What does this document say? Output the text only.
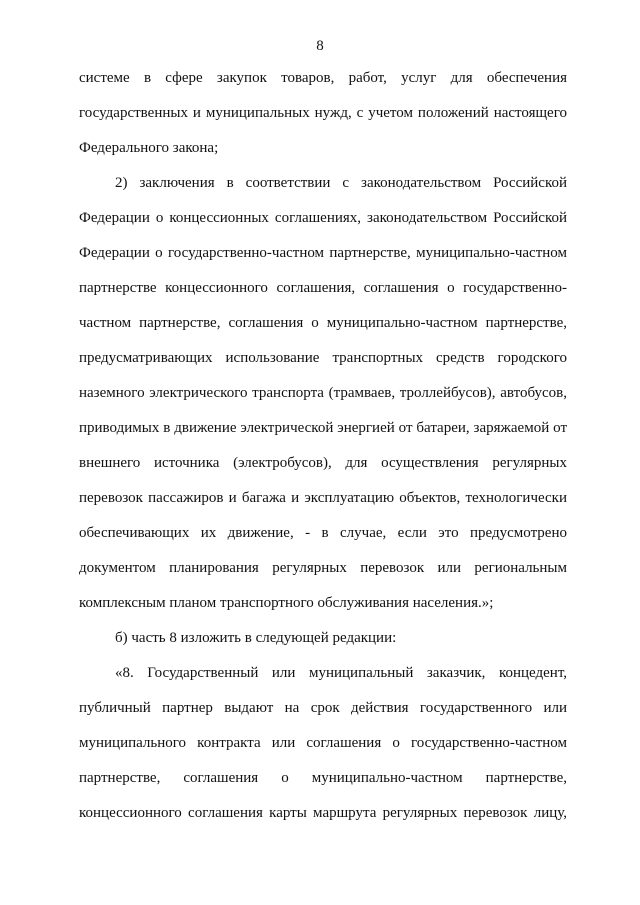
8
системе в сфере закупок товаров, работ, услуг для обеспечения
государственных и муниципальных нужд, с учетом положений настоящего
Федерального закона;
2) заключения в соответствии с законодательством Российской
Федерации о концессионных соглашениях, законодательством Российской
Федерации о государственно-частном партнерстве, муниципально-частном
партнерстве концессионного соглашения, соглашения о государственно-
частном партнерстве, соглашения о муниципально-частном партнерстве,
предусматривающих использование транспортных средств городского
наземного электрического транспорта (трамваев, троллейбусов), автобусов,
приводимых в движение электрической энергией от батареи, заряжаемой от
внешнего источника (электробусов), для осуществления регулярных
перевозок пассажиров и багажа и эксплуатацию объектов, технологически
обеспечивающих их движение, - в случае, если это предусмотрено
документом планирования регулярных перевозок или региональным
комплексным планом транспортного обслуживания населения.»;
б) часть 8 изложить в следующей редакции:
«8. Государственный или муниципальный заказчик, концедент,
публичный партнер выдают на срок действия государственного или
муниципального контракта или соглашения о государственно-частном
партнерстве, соглашения о муниципально-частном партнерстве,
концессионного соглашения карты маршрута регулярных перевозок лицу,
